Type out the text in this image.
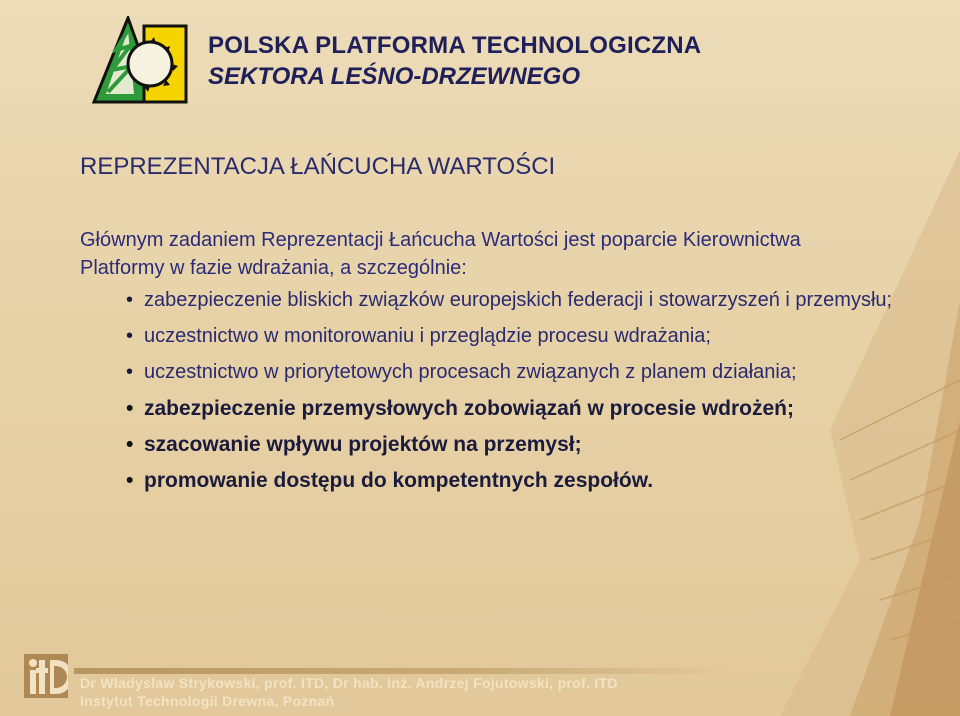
POLSKA PLATFORMA TECHNOLOGICZNA
SEKTORA LEŚNO-DRZEWNEGO
REPREZENTACJA ŁAŃCUCHA WARTOŚCI
Głównym zadaniem Reprezentacji Łańcucha Wartości jest poparcie Kierownictwa Platformy w fazie wdrażania, a szczególnie:
• zabezpieczenie bliskich związków europejskich federacji i stowarzyszeń i przemysłu;
• uczestnictwo w monitorowaniu i przeglądzie procesu wdrażania;
• uczestnictwo w priorytetowych procesach związanych z planem działania;
• zabezpieczenie przemysłowych zobowiązań w procesie wdrożeń;
• szacowanie wpływu projektów na przemysł;
• promowanie dostępu do kompetentnych zespołów.
Dr Władysław Strykowski, prof. ITD, Dr hab. inż. Andrzej Fojutowski, prof. ITD
Instytut Technologii Drewna, Poznań
